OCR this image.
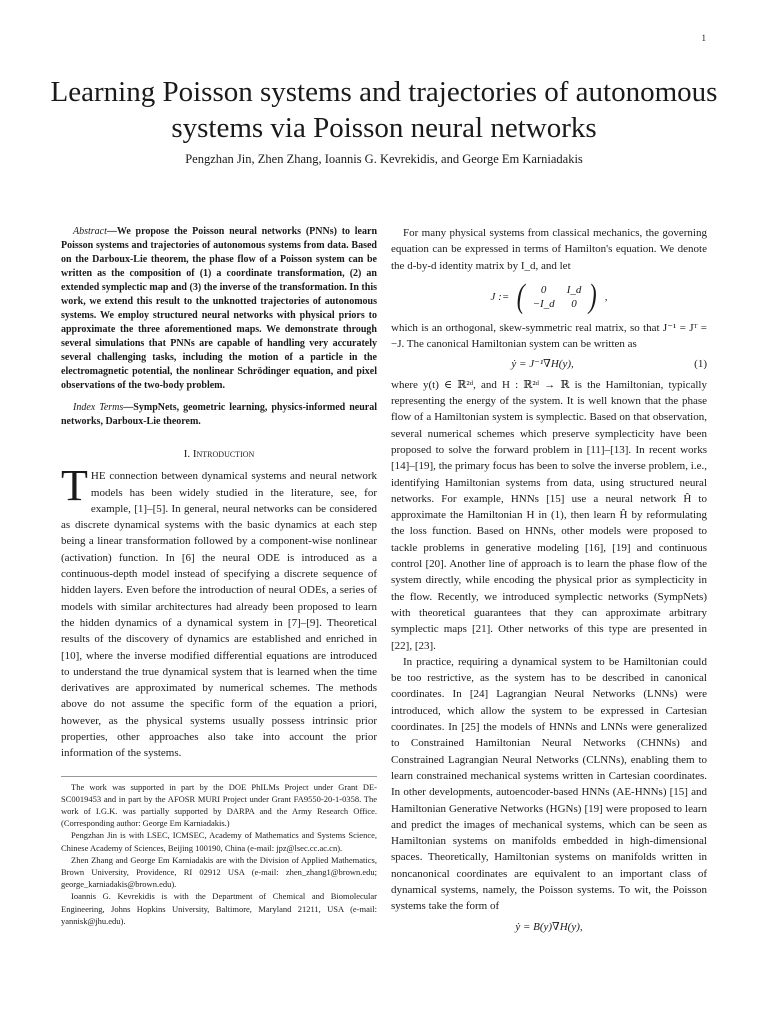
1
Learning Poisson systems and trajectories of autonomous systems via Poisson neural networks
Pengzhan Jin, Zhen Zhang, Ioannis G. Kevrekidis, and George Em Karniadakis

Abstract—We propose the Poisson neural networks (PNNs) to learn Poisson systems and trajectories of autonomous systems from data. Based on the Darboux-Lie theorem, the phase flow of a Poisson system can be written as the composition of (1) a coordinate transformation, (2) an extended symplectic map and (3) the inverse of the transformation. In this work, we extend this result to the unknotted trajectories of autonomous systems. We employ structured neural networks with physical priors to approximate the three aforementioned maps. We demonstrate through several simulations that PNNs are capable of handling very accurately several challenging tasks, including the motion of a particle in the electromagnetic potential, the nonlinear Schrödinger equation, and pixel observations of the two-body problem.

Index Terms—SympNets, geometric learning, physics-informed neural networks, Darboux-Lie theorem.

I. Introduction

THE connection between dynamical systems and neural network models has been widely studied in the literature, see, for example, [1]–[5]. In general, neural networks can be considered as discrete dynamical systems with the basic dynamics at each step being a linear transformation followed by a component-wise nonlinear (activation) function. In [6] the neural ODE is introduced as a continuous-depth model instead of specifying a discrete sequence of hidden layers. Even before the introduction of neural ODEs, a series of models with similar architectures had already been proposed to learn the hidden dynamics of a dynamical system in [7]–[9]. Theoretical results of the discovery of dynamics are established and enriched in [10], where the inverse modified differential equations are introduced to understand the true dynamical system that is learned when the time derivatives are approximated by numerical schemes. The methods above do not assume the specific form of the equation a priori, however, as the physical systems usually possess intrinsic prior properties, other approaches also take into account the prior information of the systems.

The work was supported in part by the DOE PhILMs Project under Grant DE-SC0019453 and in part by the AFOSR MURI Project under Grant FA9550-20-1-0358. The work of I.G.K. was partially supported by DARPA and the Army Research Office. (Corresponding author: George Em Karniadakis.)

Pengzhan Jin is with LSEC, ICMSEC, Academy of Mathematics and Systems Science, Chinese Academy of Sciences, Beijing 100190, China (e-mail: jpz@lsec.cc.ac.cn).

Zhen Zhang and George Em Karniadakis are with the Division of Applied Mathematics, Brown University, Providence, RI 02912 USA (e-mail: zhen_zhang1@brown.edu; george_karniadakis@brown.edu).

Ioannis G. Kevrekidis is with the Department of Chemical and Biomolecular Engineering, Johns Hopkins University, Baltimore, Maryland 21211, USA (e-mail: yannisk@jhu.edu).

For many physical systems from classical mechanics, the governing equation can be expressed in terms of Hamilton's equation. We denote the d-by-d identity matrix by I_d, and let

J := (	0	I_d
−I_d	0 ) ,

which is an orthogonal, skew-symmetric real matrix, so that J⁻¹ = Jᵀ = −J. The canonical Hamiltonian system can be written as

ẏ = J⁻¹∇H(y),	(1)

where y(t) ∈ ℝ²ᵈ, and H : ℝ²ᵈ → ℝ is the Hamiltonian, typically representing the energy of the system. It is well known that the phase flow of a Hamiltonian system is symplectic. Based on that observation, several numerical schemes which preserve symplecticity have been proposed to solve the forward problem in [11]–[13]. In recent works [14]–[19], the primary focus has been to solve the inverse problem, i.e., identifying Hamiltonian systems from data, using structured neural networks. For example, HNNs [15] use a neural network Ĥ to approximate the Hamiltonian H in (1), then learn Ĥ by reformulating the loss function. Based on HNNs, other models were proposed to tackle problems in generative modeling [16], [19] and continuous control [20]. Another line of approach is to learn the phase flow of the system directly, while encoding the physical prior as symplecticity in the flow. Recently, we introduced symplectic networks (SympNets) with theoretical guarantees that they can approximate arbitrary symplectic maps [21]. Other networks of this type are presented in [22], [23].

In practice, requiring a dynamical system to be Hamiltonian could be too restrictive, as the system has to be described in canonical coordinates. In [24] Lagrangian Neural Networks (LNNs) were introduced, which allow the system to be expressed in Cartesian coordinates. In [25] the models of HNNs and LNNs were generalized to Constrained Hamiltonian Neural Networks (CHNNs) and Constrained Lagrangian Neural Networks (CLNNs), enabling them to learn constrained mechanical systems written in Cartesian coordinates. In other developments, autoencoder-based HNNs (AE-HNNs) [15] and Hamiltonian Generative Networks (HGNs) [19] were proposed to learn and predict the images of mechanical systems, which can be seen as Hamiltonian systems on manifolds embedded in high-dimensional spaces. Theoretically, Hamiltonian systems on manifolds written in noncanonical coordinates are equivalent to an important class of dynamical systems, namely, the Poisson systems. To wit, the Poisson systems take the form of

ẏ = B(y)∇H(y),
